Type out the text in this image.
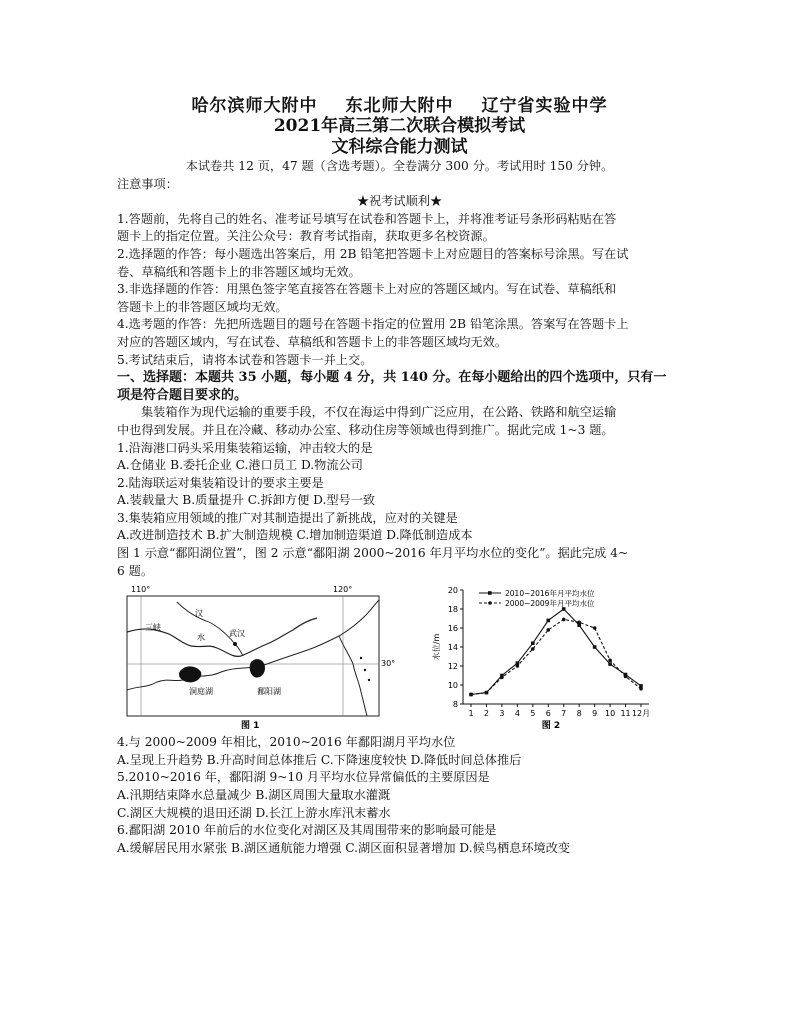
哈尔滨师大附中 东北师大附中 辽宁省实验中学
2021年高三第二次联合模拟考试
文科综合能力测试
本试卷共 12 页，47 题（含选考题）。全卷满分 300 分。考试用时 150 分钟。
注意事项：
★祝考试顺利★
1.答题前，先将自己的姓名、准考证号填写在试卷和答题卡上，并将准考证号条形码粘贴在答
题卡上的指定位置。关注公众号：教育考试指南，获取更多名校资源。
2.选择题的作答：每小题选出答案后，用 2B 铅笔把答题卡上对应题目的答案标号涂黑。写在试
卷、草稿纸和答题卡上的非答题区域均无效。
3.非选择题的作答：用黑色签字笔直接答在答题卡上对应的答题区域内。写在试卷、草稿纸和
答题卡上的非答题区域均无效。
4.选考题的作答：先把所选题目的题号在答题卡指定的位置用 2B 铅笔涂黑。答案写在答题卡上
对应的答题区域内，写在试卷、草稿纸和答题卡上的非答题区域均无效。
5.考试结束后，请将本试卷和答题卡一并上交。
一、选择题：本题共 35 小题，每小题 4 分，共 140 分。在每小题给出的四个选项中，只有一
项是符合题目要求的。
集装箱作为现代运输的重要手段，不仅在海运中得到广泛应用，在公路、铁路和航空运输
中也得到发展。并且在冷藏、移动办公室、移动住房等领域也得到推广。据此完成 1~3 题。
1.沿海港口码头采用集装箱运输，冲击较大的是
A.仓储业 B.委托企业 C.港口员工 D.物流公司
2.陆海联运对集装箱设计的要求主要是
A.装载量大 B.质量提升 C.拆卸方便 D.型号一致
3.集装箱应用领域的推广对其制造提出了新挑战，应对的关键是
A.改进制造技术 B.扩大制造规模 C.增加制造渠道 D.降低制造成本
图 1 示意“鄱阳湖位置”，图 2 示意“鄱阳湖 2000~2016 年月平均水位的变化”。据此完成 4~
6 题。
110°	120°
30°
汉
三峡
水	武汉
洞庭湖	鄱阳湖
图 1
8
10
12
14
16
18
20
1 2 3 4 5 6 7 8 9 10 11 12月
水位/m
2010~2016年月平均水位
2000~2009年月平均水位
图 2
4.与 2000~2009 年相比，2010~2016 年鄱阳湖月平均水位
A.呈现上升趋势 B.升高时间总体推后 C.下降速度较快 D.降低时间总体推后
5.2010~2016 年，鄱阳湖 9~10 月平均水位异常偏低的主要原因是
A.汛期结束降水总量减少 B.湖区周围大量取水灌溉
C.湖区大规模的退田还湖 D.长江上游水库汛末蓄水
6.鄱阳湖 2010 年前后的水位变化对湖区及其周围带来的影响最可能是
A.缓解居民用水紧张 B.湖区通航能力增强 C.湖区面积显著增加 D.候鸟栖息环境改变
